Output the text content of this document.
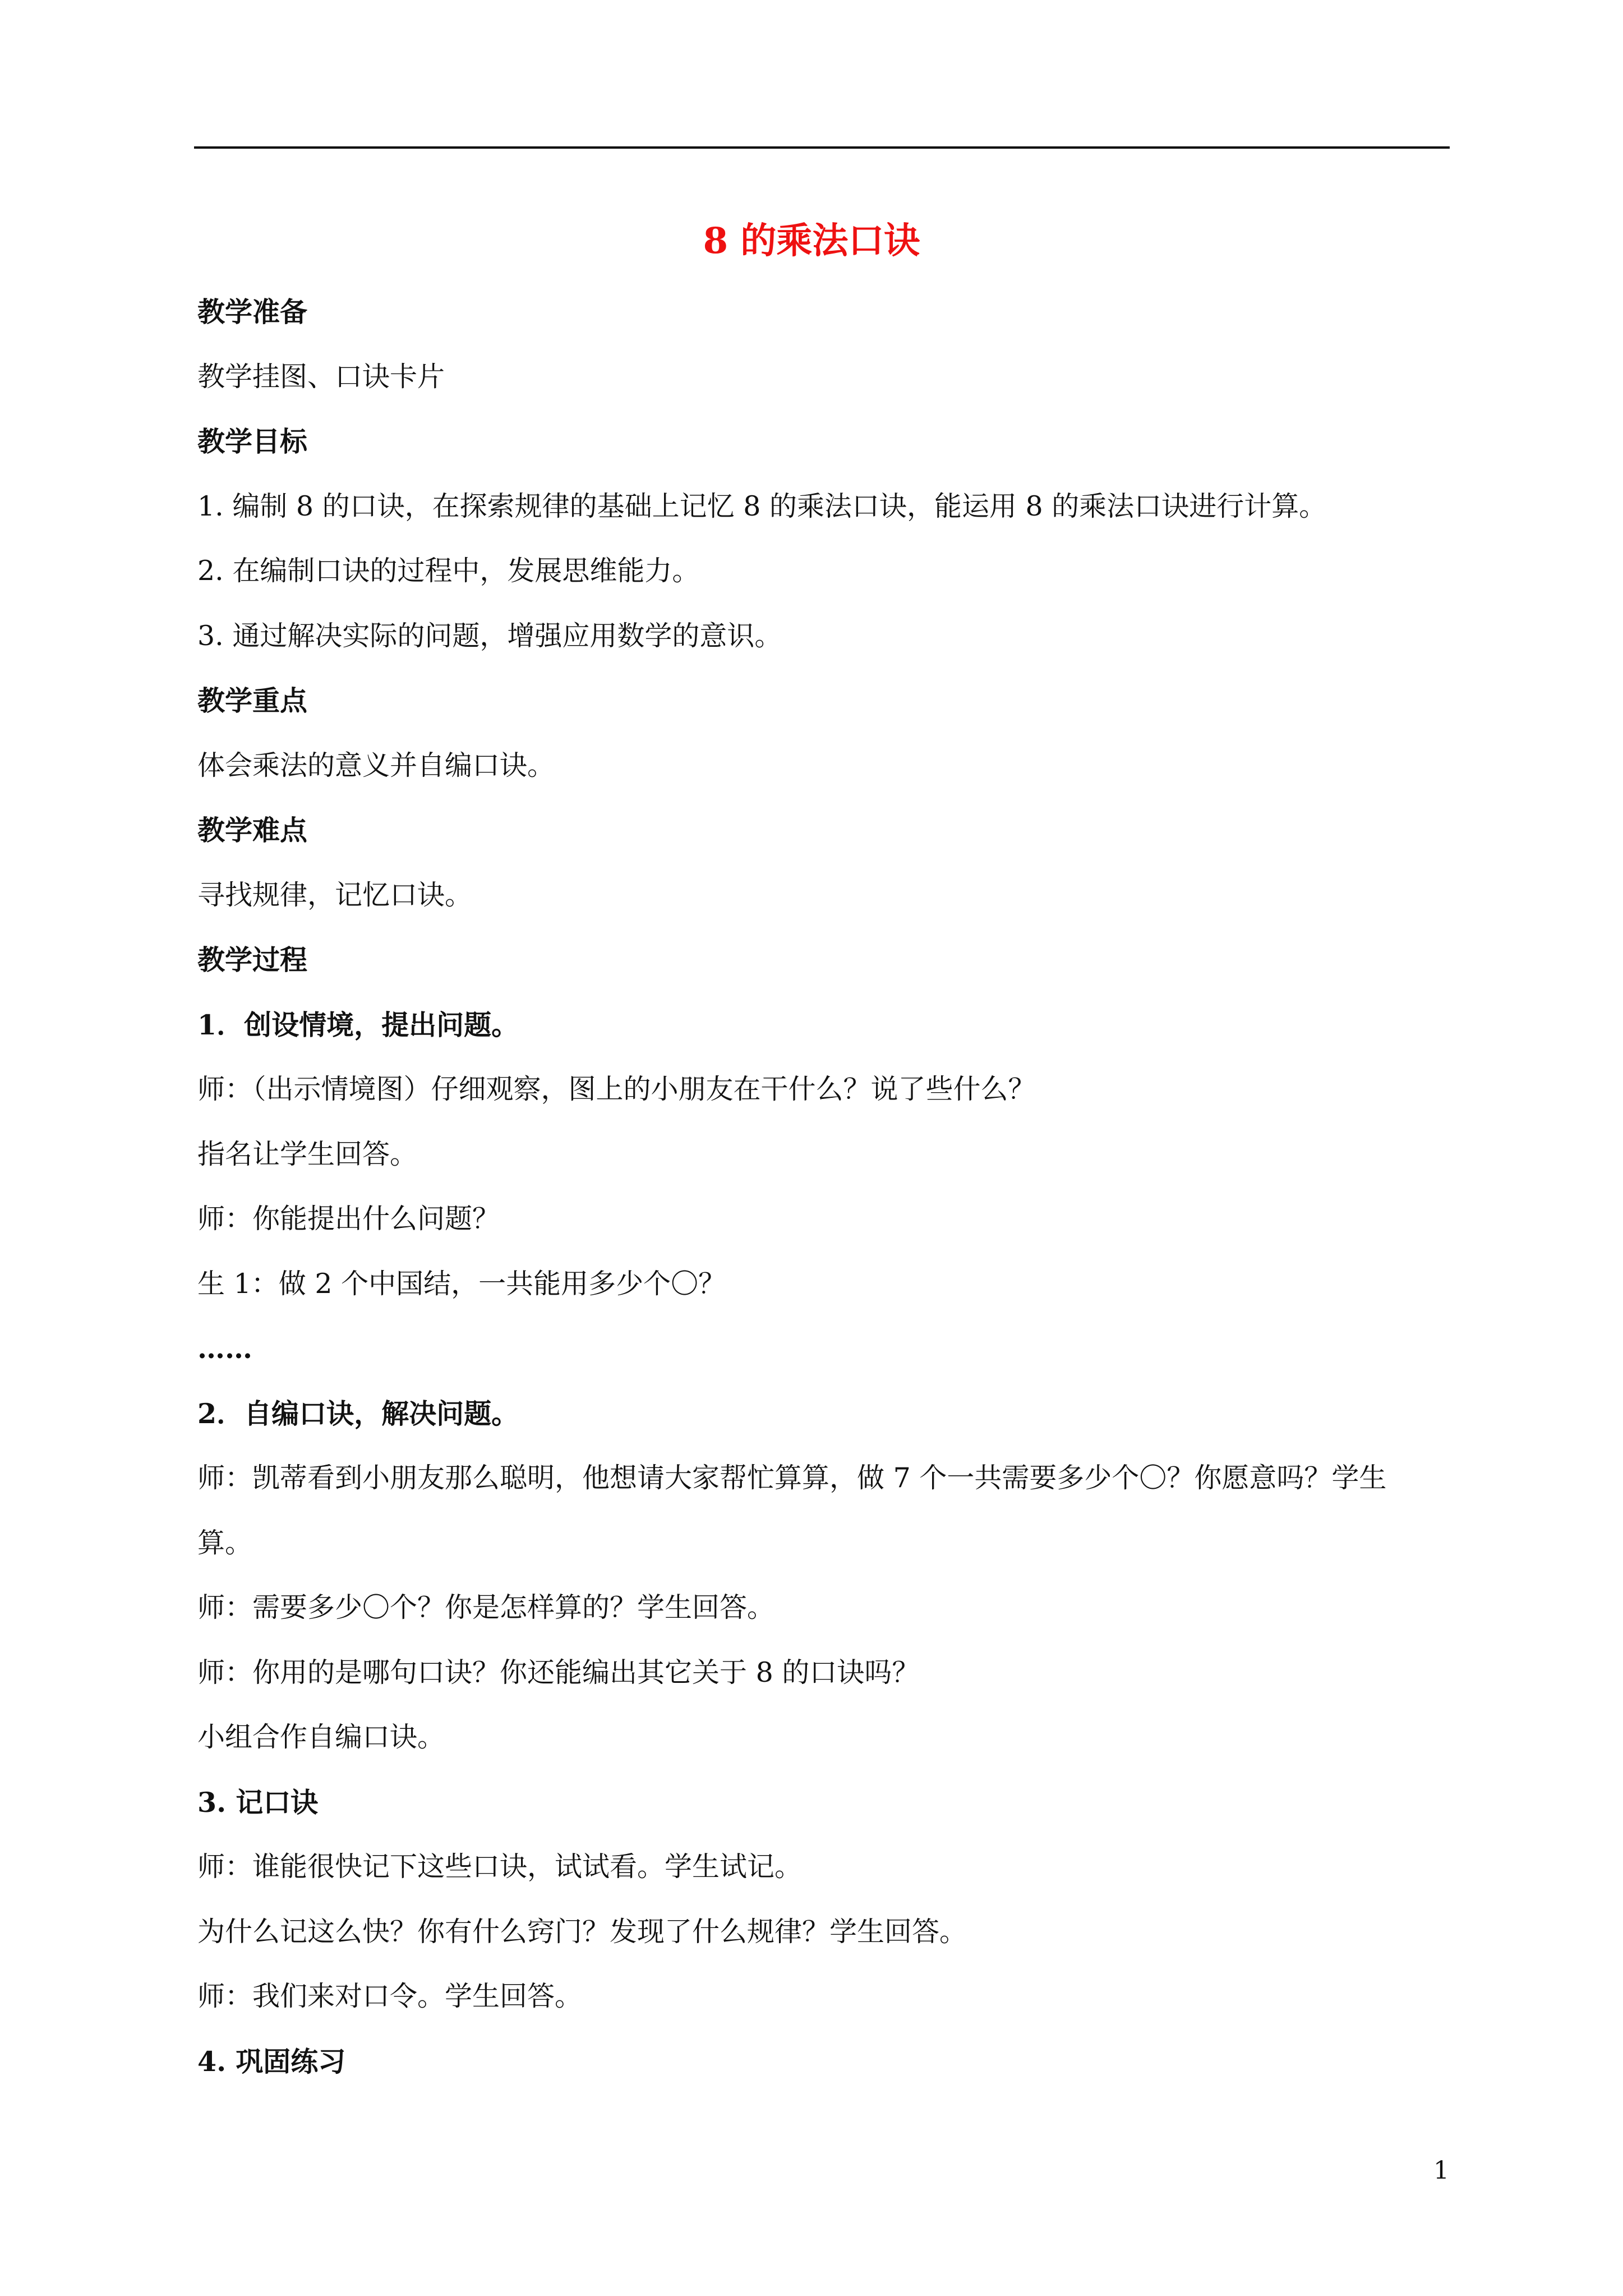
8 的乘法口诀
教学准备
教学挂图、口诀卡片
教学目标
1. 编制 8 的口诀，在探索规律的基础上记忆 8 的乘法口诀，能运用 8 的乘法口诀进行计算。
2. 在编制口诀的过程中，发展思维能力。
3. 通过解决实际的问题，增强应用数学的意识。
教学重点
体会乘法的意义并自编口诀。
教学难点
寻找规律，记忆口诀。
教学过程
1．创设情境，提出问题。
师：（出示情境图）仔细观察，图上的小朋友在干什么？说了些什么？
指名让学生回答。
师：你能提出什么问题？
生 1：做 2 个中国结，一共能用多少个〇？
……
2．自编口诀，解决问题。
师：凯蒂看到小朋友那么聪明，他想请大家帮忙算算，做 7 个一共需要多少个〇？你愿意吗？学生
算。
师：需要多少〇个？你是怎样算的？学生回答。
师：你用的是哪句口诀？你还能编出其它关于 8 的口诀吗？
小组合作自编口诀。
3. 记口诀
师：谁能很快记下这些口诀，试试看。学生试记。
为什么记这么快？你有什么窍门？发现了什么规律？学生回答。
师：我们来对口令。学生回答。
4. 巩固练习
1
